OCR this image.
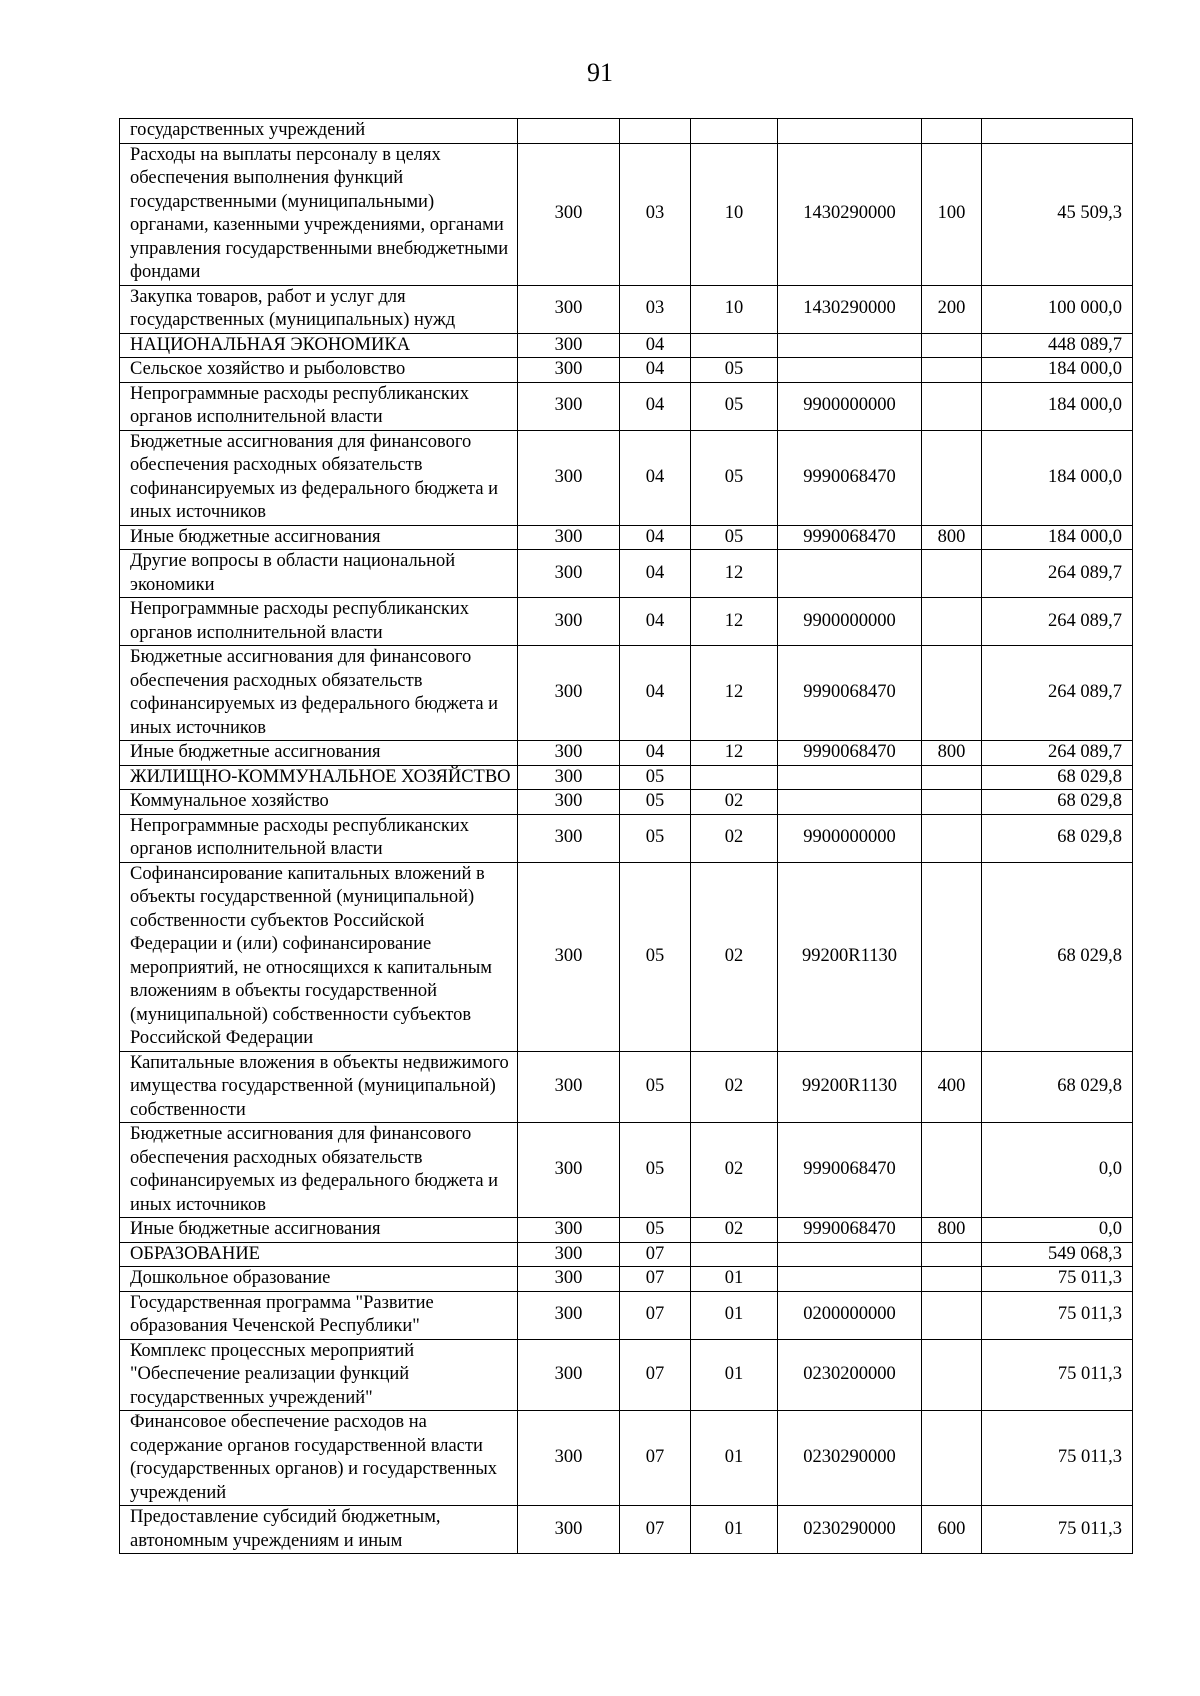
91
государственных учреждений						
Расходы на выплаты персоналу в целях обеспечения выполнения функций государственными (муниципальными) органами, казенными учреждениями, органами управления государственными внебюджетными фондами	300	03	10	1430290000	100	45 509,3
Закупка товаров, работ и услуг для государственных (муниципальных) нужд	300	03	10	1430290000	200	100 000,0
НАЦИОНАЛЬНАЯ ЭКОНОМИКА	300	04				448 089,7
Сельское хозяйство и рыболовство	300	04	05			184 000,0
Непрограммные расходы республиканских органов исполнительной власти	300	04	05	9900000000		184 000,0
Бюджетные ассигнования для финансового обеспечения расходных обязательств софинансируемых из федерального бюджета и иных источников	300	04	05	9990068470		184 000,0
Иные бюджетные ассигнования	300	04	05	9990068470	800	184 000,0
Другие вопросы в области национальной экономики	300	04	12			264 089,7
Непрограммные расходы республиканских органов исполнительной власти	300	04	12	9900000000		264 089,7
Бюджетные ассигнования для финансового обеспечения расходных обязательств софинансируемых из федерального бюджета и иных источников	300	04	12	9990068470		264 089,7
Иные бюджетные ассигнования	300	04	12	9990068470	800	264 089,7
ЖИЛИЩНО-КОММУНАЛЬНОЕ ХОЗЯЙСТВО	300	05				68 029,8
Коммунальное хозяйство	300	05	02			68 029,8
Непрограммные расходы республиканских органов исполнительной власти	300	05	02	9900000000		68 029,8
Софинансирование капитальных вложений в объекты государственной (муниципальной) собственности субъектов Российской Федерации и (или) софинансирование мероприятий, не относящихся к капитальным вложениям в объекты государственной (муниципальной) собственности субъектов Российской Федерации	300	05	02	99200R1130		68 029,8
Капитальные вложения в объекты недвижимого имущества государственной (муниципальной) собственности	300	05	02	99200R1130	400	68 029,8
Бюджетные ассигнования для финансового обеспечения расходных обязательств софинансируемых из федерального бюджета и иных источников	300	05	02	9990068470		0,0
Иные бюджетные ассигнования	300	05	02	9990068470	800	0,0
ОБРАЗОВАНИЕ	300	07				549 068,3
Дошкольное образование	300	07	01			75 011,3
Государственная программа "Развитие образования Чеченской Республики"	300	07	01	0200000000		75 011,3
Комплекс процессных мероприятий "Обеспечение реализации функций государственных учреждений"	300	07	01	0230200000		75 011,3
Финансовое обеспечение расходов на содержание органов государственной власти (государственных органов) и государственных учреждений	300	07	01	0230290000		75 011,3
Предоставление субсидий бюджетным, автономным учреждениям и иным	300	07	01	0230290000	600	75 011,3
